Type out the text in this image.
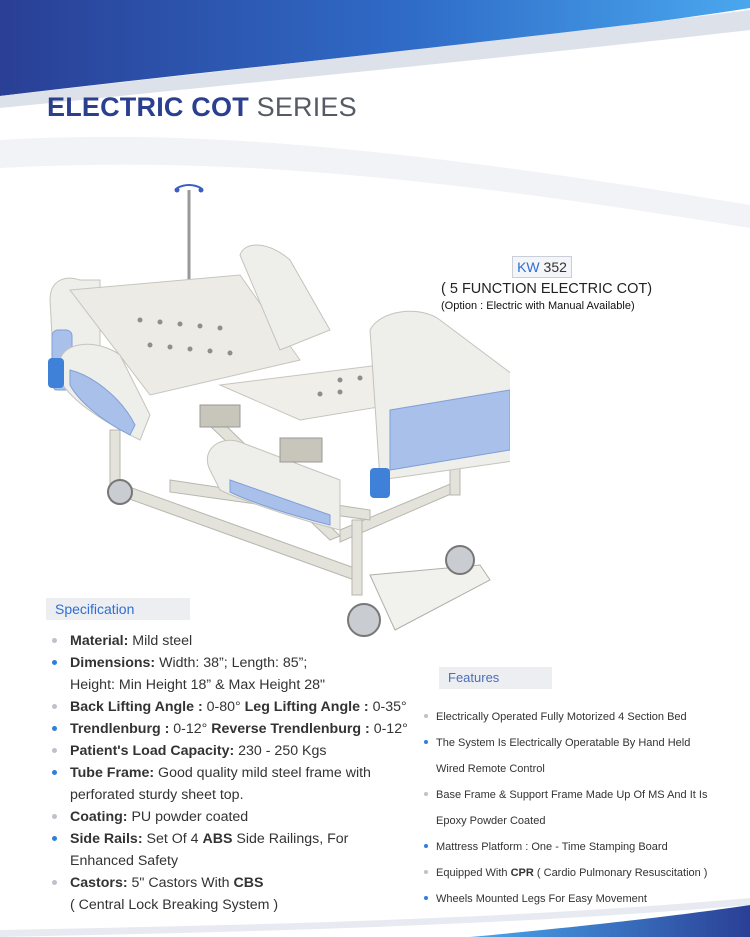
ELECTRIC COT SERIES
KW 352
( 5 FUNCTION ELECTRIC COT)
(Option : Electric with Manual Available)
Specification
Material: Mild steel
Dimensions: Width: 38”; Length: 85”;
Height: Min Height 18” & Max Height 28"
Back Lifting Angle : 0-80° Leg Lifting Angle : 0-35°
Trendlenburg : 0-12° Reverse Trendlenburg : 0-12°
Patient's Load Capacity: 230 - 250 Kgs
Tube Frame: Good quality mild steel frame with
perforated sturdy sheet top.
Coating: PU powder coated
Side Rails: Set Of 4 ABS Side Railings, For
Enhanced Safety
Castors: 5" Castors With CBS
( Central Lock Breaking System )
Features
Electrically Operated Fully Motorized 4 Section Bed
The System Is Electrically Operatable By Hand Held
Wired Remote Control
Base Frame & Support Frame Made Up Of MS And It Is
Epoxy Powder Coated
Mattress Platform : One - Time Stamping Board
Equipped With CPR ( Cardio Pulmonary Resuscitation )
Wheels Mounted Legs For Easy Movement
